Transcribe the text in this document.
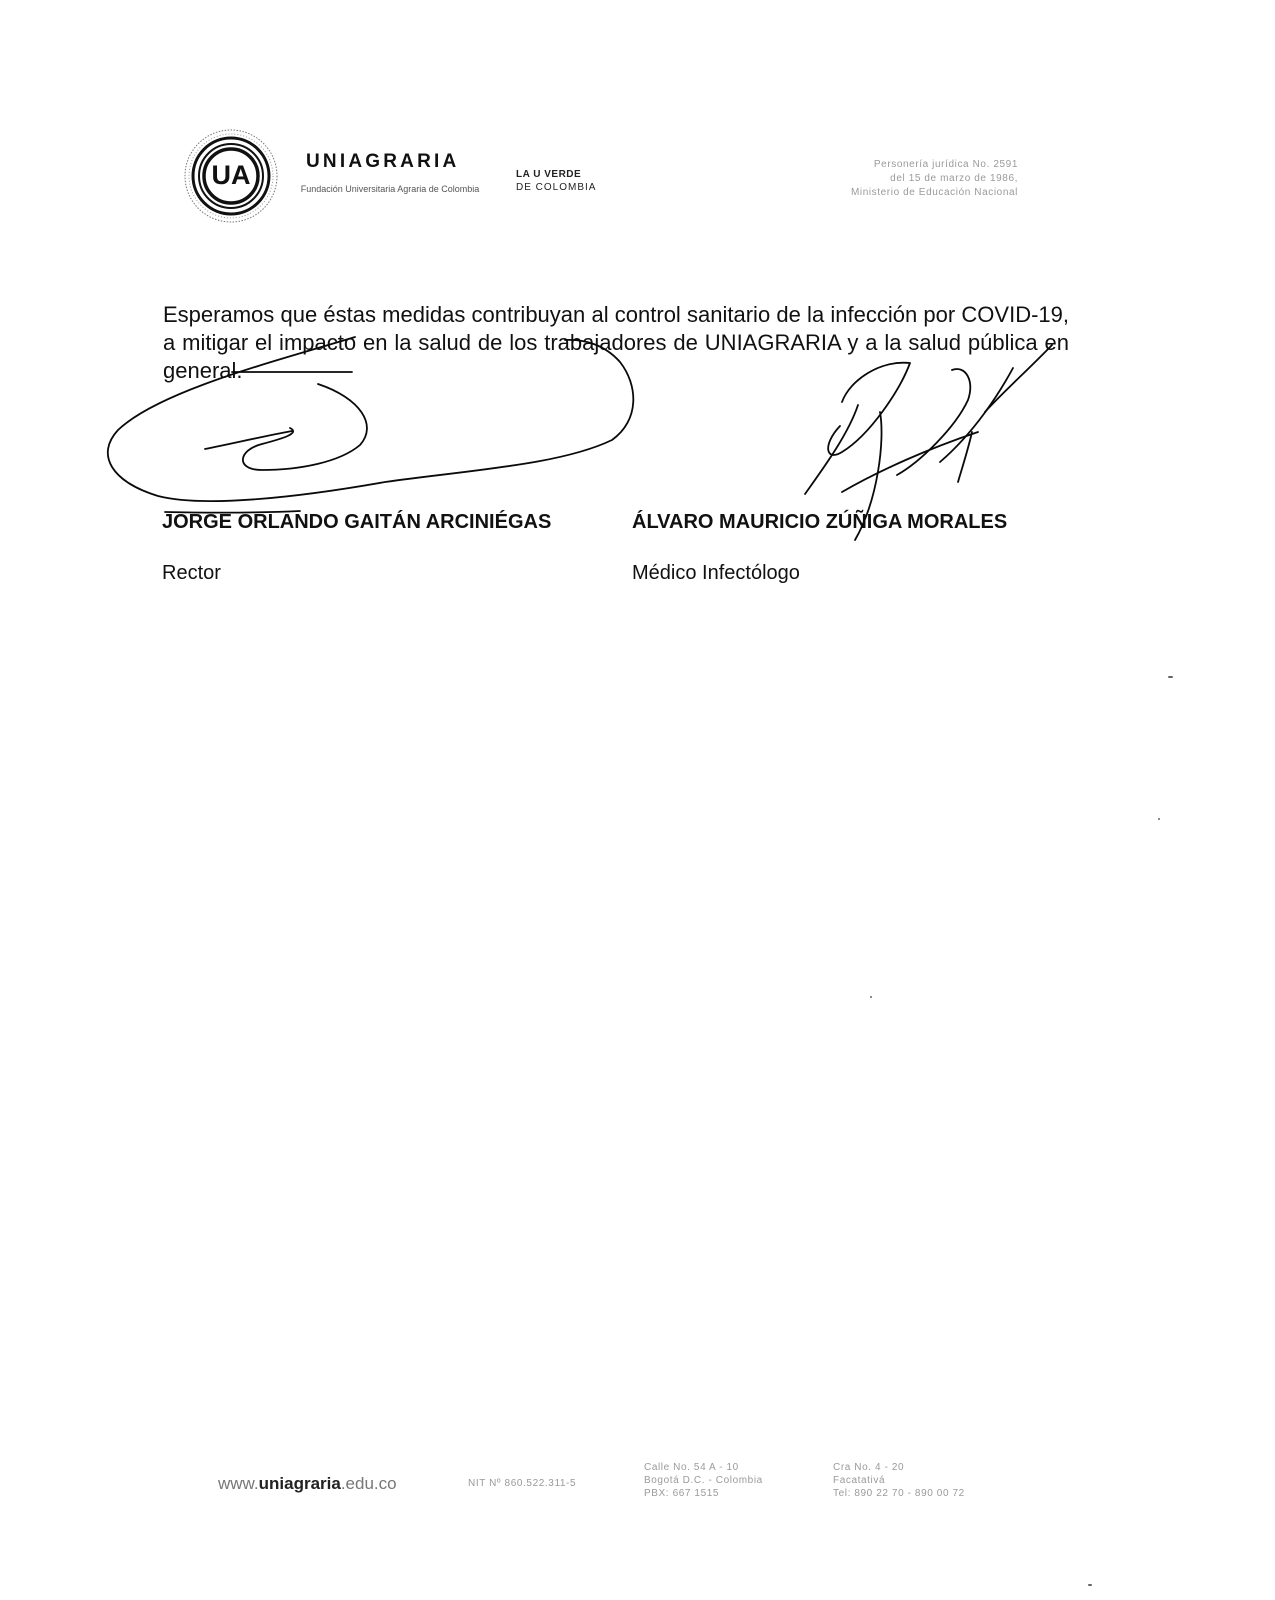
UA	UNIAGRARIA
Fundación Universitaria Agraria de Colombia
LA U VERDE
DE COLOMBIA
Personería jurídica No. 2591
del 15 de marzo de 1986,
Ministerio de Educación Nacional
Esperamos que éstas medidas contribuyan al control sanitario de la infección por COVID-19, a mitigar el impacto en la salud de los trabajadores de UNIAGRARIA y a la salud pública en general.
JORGE ORLANDO GAITÁN ARCINIÉGAS
Rector
ÁLVARO MAURICIO ZÚÑIGA MORALES
Médico Infectólogo
www.uniagraria.edu.co	NIT Nº 860.522.311-5
Calle No. 54 A - 10
Bogotá D.C. - Colombia
PBX: 667 1515
Cra No. 4 - 20
Facatativá
Tel: 890 22 70 - 890 00 72
